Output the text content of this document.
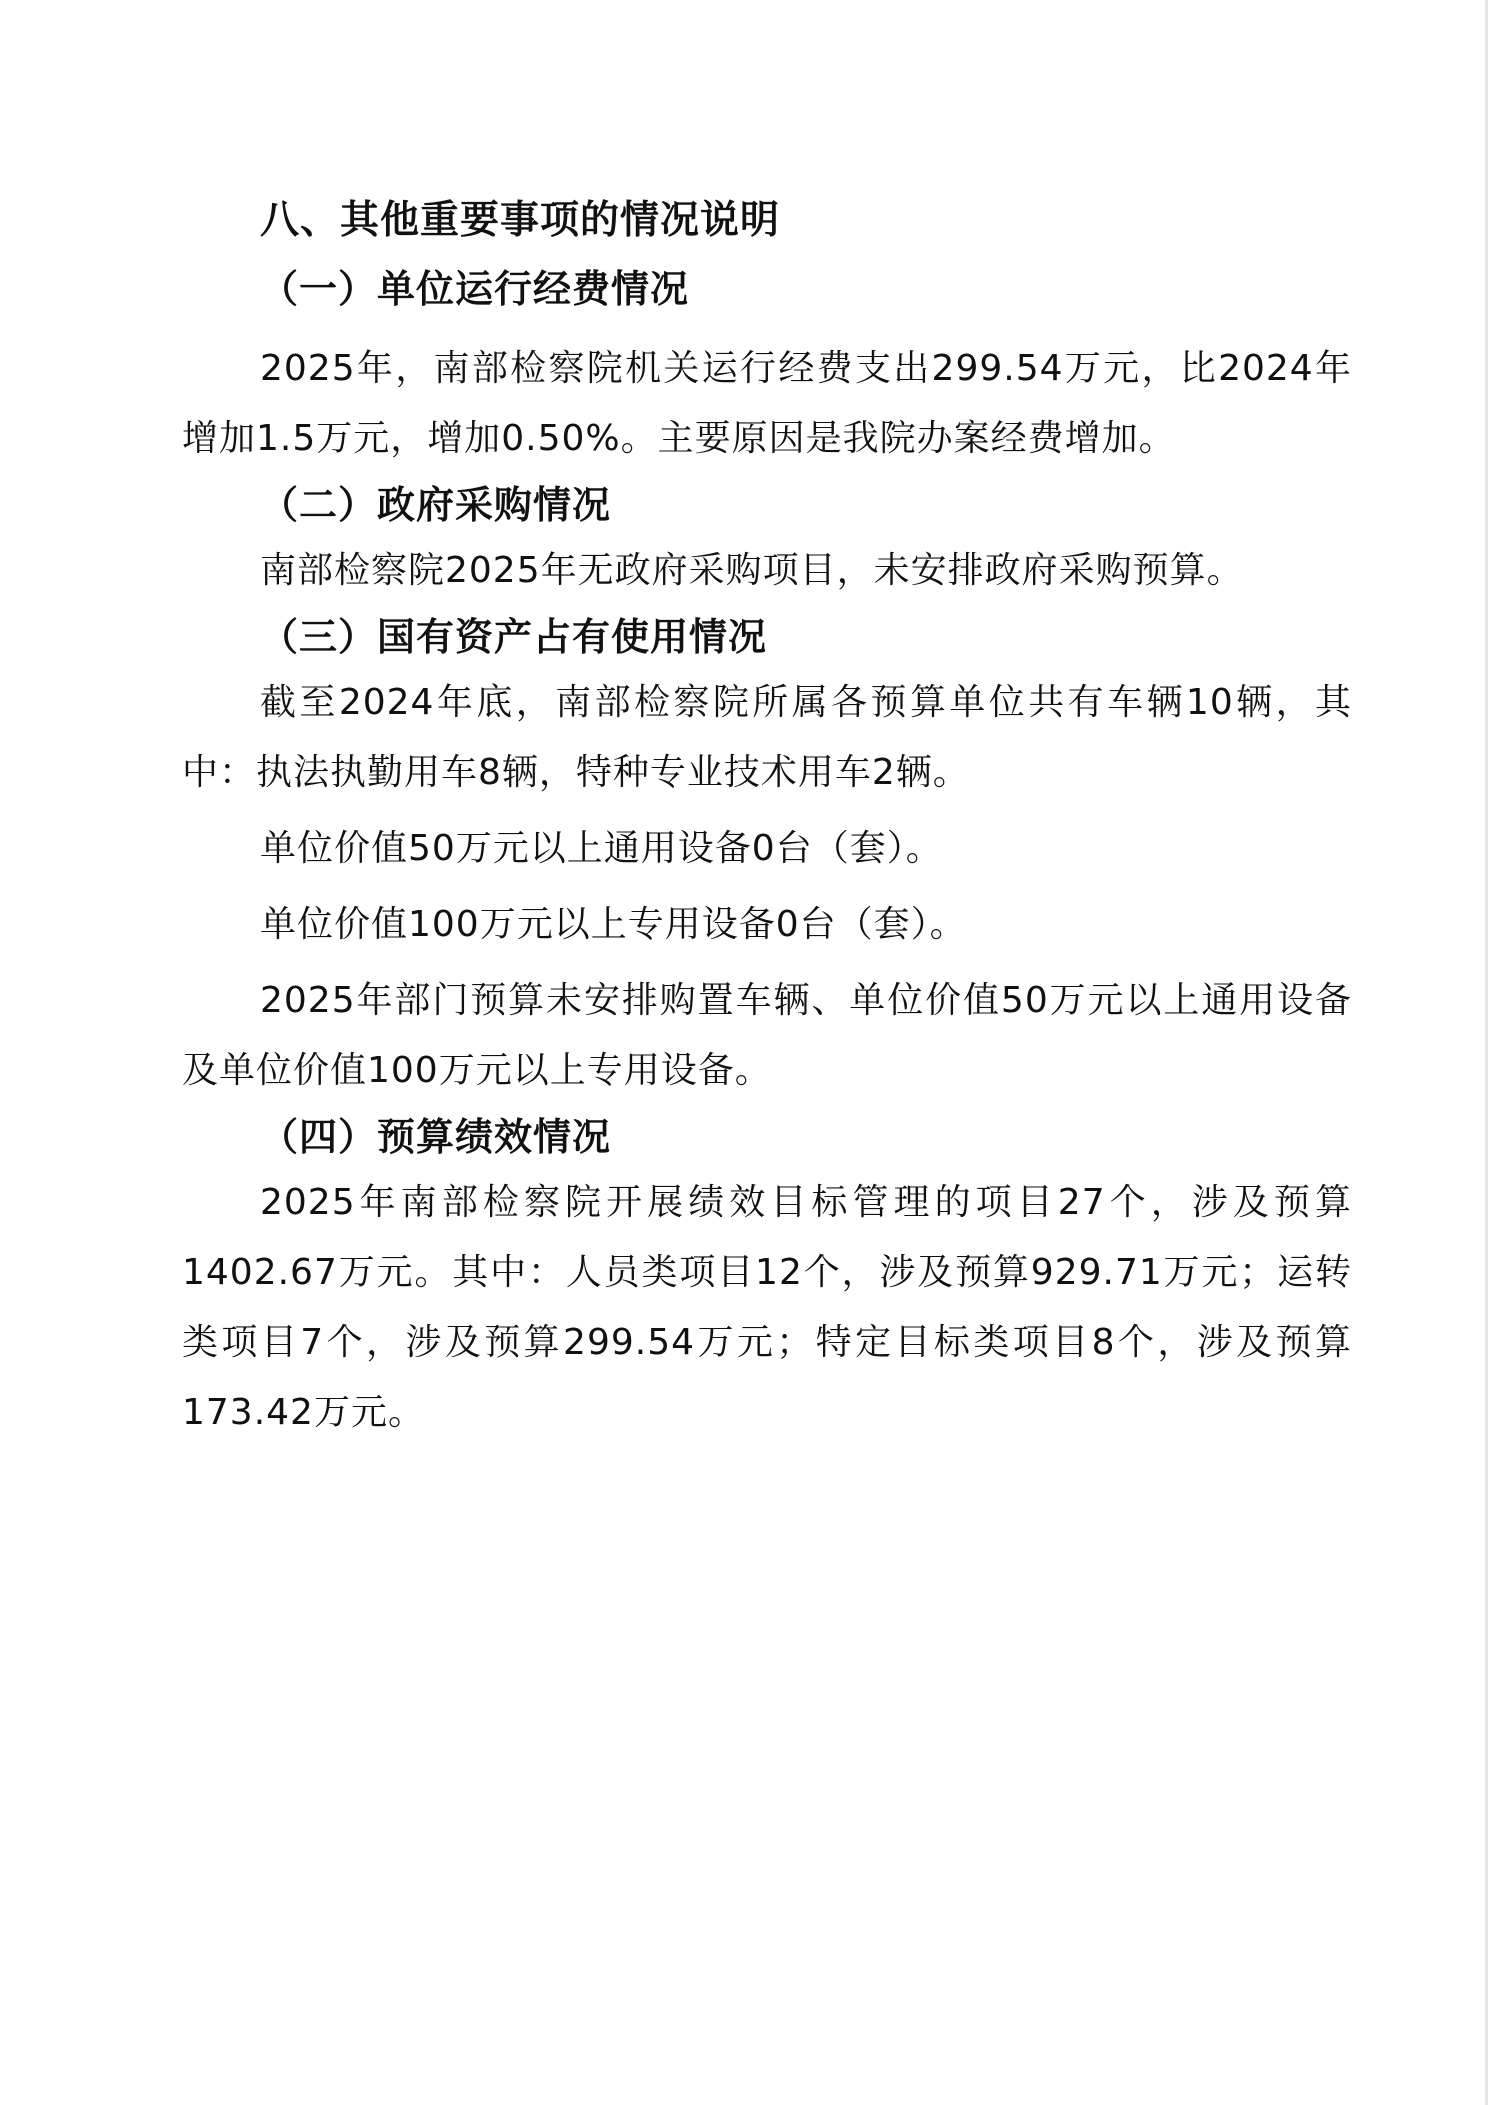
八、其他重要事项的情况说明
（一）单位运行经费情况

2025年，南部检察院机关运行经费支出299.54万元，比2024年增加1.5万元，增加0.50%。主要原因是我院办案经费增加。

（二）政府采购情况

南部检察院2025年无政府采购项目，未安排政府采购预算。

（三）国有资产占有使用情况

截至2024年底，南部检察院所属各预算单位共有车辆10辆，其中：执法执勤用车8辆，特种专业技术用车2辆。

单位价值50万元以上通用设备0台（套）。

单位价值100万元以上专用设备0台（套）。

2025年部门预算未安排购置车辆、单位价值50万元以上通用设备及单位价值100万元以上专用设备。

（四）预算绩效情况

2025年南部检察院开展绩效目标管理的项目27个，涉及预算1402.67万元。其中：人员类项目12个，涉及预算929.71万元；运转类项目7个，涉及预算299.54万元；特定目标类项目8个，涉及预算173.42万元。
